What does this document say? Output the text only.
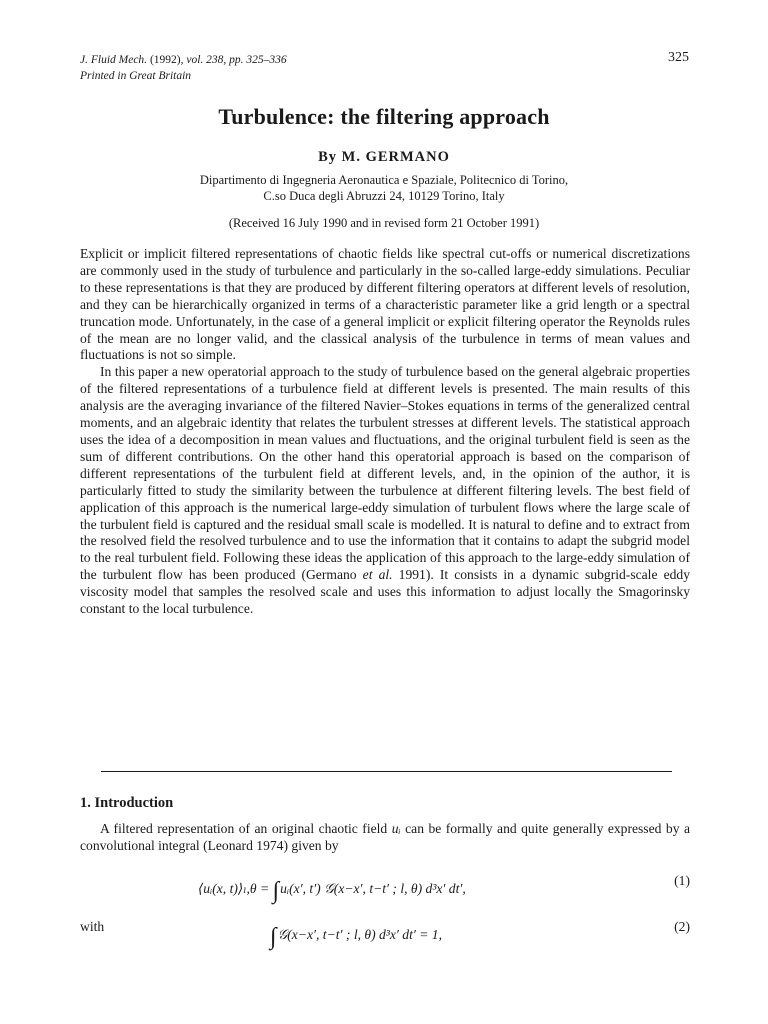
J. Fluid Mech. (1992), vol. 238, pp. 325–336
Printed in Great Britain
325
Turbulence: the filtering approach
By M. GERMANO
Dipartimento di Ingegneria Aeronautica e Spaziale, Politecnico di Torino,
C.so Duca degli Abruzzi 24, 10129 Torino, Italy
(Received 16 July 1990 and in revised form 21 October 1991)

Explicit or implicit filtered representations of chaotic fields like spectral cut-offs or numerical discretizations are commonly used in the study of turbulence and particularly in the so-called large-eddy simulations. Peculiar to these representations is that they are produced by different filtering operators at different levels of resolution, and they can be hierarchically organized in terms of a characteristic parameter like a grid length or a spectral truncation mode. Unfortunately, in the case of a general implicit or explicit filtering operator the Reynolds rules of the mean are no longer valid, and the classical analysis of the turbulence in terms of mean values and fluctuations is not so simple.

In this paper a new operatorial approach to the study of turbulence based on the general algebraic properties of the filtered representations of a turbulence field at different levels is presented. The main results of this analysis are the averaging invariance of the filtered Navier–Stokes equations in terms of the generalized central moments, and an algebraic identity that relates the turbulent stresses at different levels. The statistical approach uses the idea of a decomposition in mean values and fluctuations, and the original turbulent field is seen as the sum of different contributions. On the other hand this operatorial approach is based on the comparison of different representations of the turbulent field at different levels, and, in the opinion of the author, it is particularly fitted to study the similarity between the turbulence at different filtering levels. The best field of application of this approach is the numerical large-eddy simulation of turbulent flows where the large scale of the turbulent field is captured and the residual small scale is modelled. It is natural to define and to extract from the resolved field the resolved turbulence and to use the information that it contains to adapt the subgrid model to the real turbulent field. Following these ideas the application of this approach to the large-eddy simulation of the turbulent flow has been produced (Germano et al. 1991). It consists in a dynamic subgrid-scale eddy viscosity model that samples the resolved scale and uses this information to adjust locally the Smagorinsky constant to the local turbulence.

1. Introduction

A filtered representation of an original chaotic field uᵢ can be formally and quite generally expressed by a convolutional integral (Leonard 1974) given by

⟨uᵢ(x, t)⟩ₗ,θ = ∫uᵢ(x′, t′) 𝒢(x−x′, t−t′ ; l, θ) d³x′ dt′,
(1)
with	∫𝒢(x−x′, t−t′ ; l, θ) d³x′ dt′ = 1,
(2)
